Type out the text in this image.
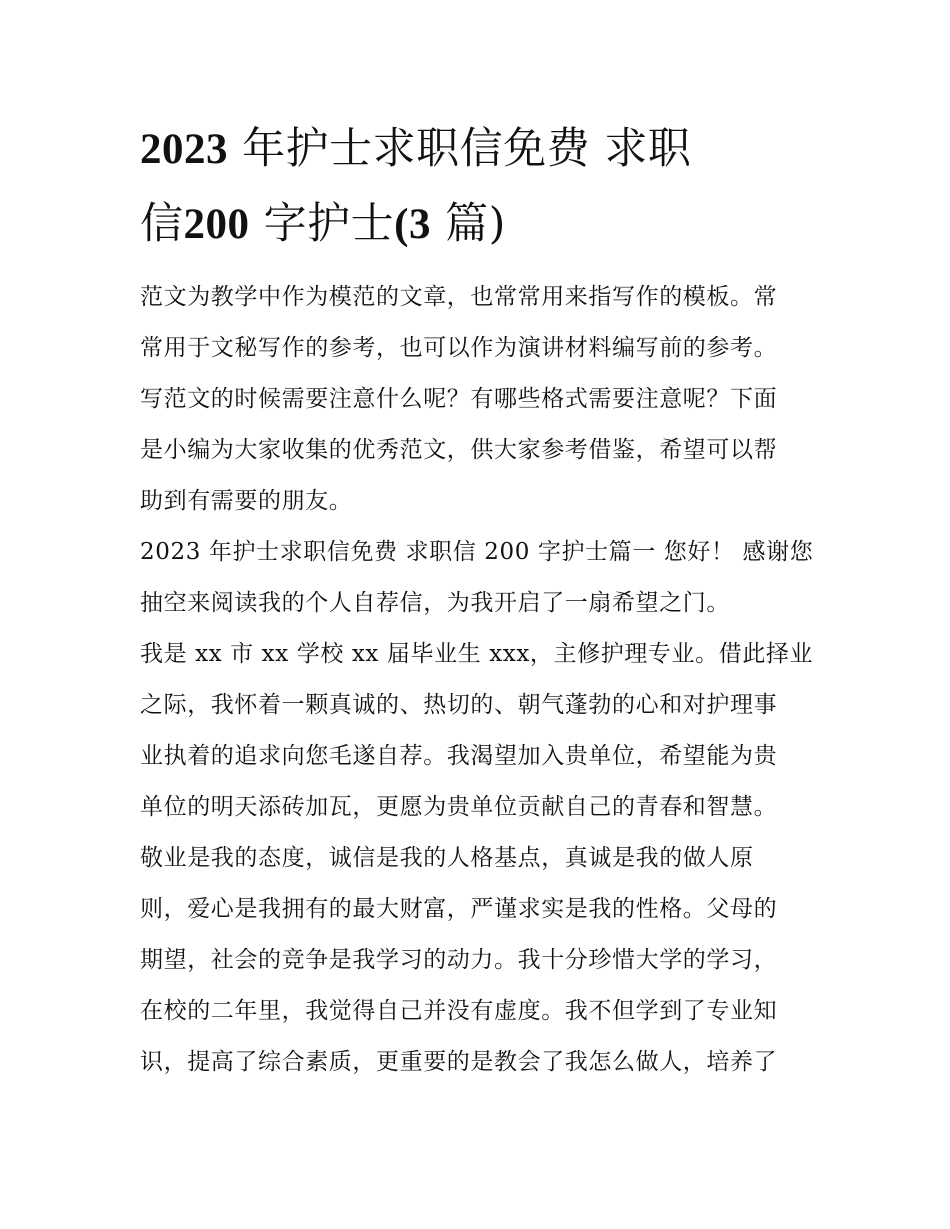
2023 年护士求职信免费 求职
信200 字护士(3 篇)
范文为教学中作为模范的文章，也常常用来指写作的模板。常
常用于文秘写作的参考，也可以作为演讲材料编写前的参考。
写范文的时候需要注意什么呢？有哪些格式需要注意呢？下面
是小编为大家收集的优秀范文，供大家参考借鉴，希望可以帮
助到有需要的朋友。
2023 年护士求职信免费 求职信 200 字护士篇一 您好！ 感谢您
抽空来阅读我的个人自荐信，为我开启了一扇希望之门。
我是 xx 市 xx 学校 xx 届毕业生 xxx，主修护理专业。借此择业
之际，我怀着一颗真诚的、热切的、朝气蓬勃的心和对护理事
业执着的追求向您毛遂自荐。我渴望加入贵单位，希望能为贵
单位的明天添砖加瓦，更愿为贵单位贡献自己的青春和智慧。
敬业是我的态度，诚信是我的人格基点，真诚是我的做人原
则，爱心是我拥有的最大财富，严谨求实是我的性格。父母的
期望，社会的竞争是我学习的动力。我十分珍惜大学的学习，
在校的二年里，我觉得自己并没有虚度。我不但学到了专业知
识，提高了综合素质，更重要的是教会了我怎么做人，培养了
